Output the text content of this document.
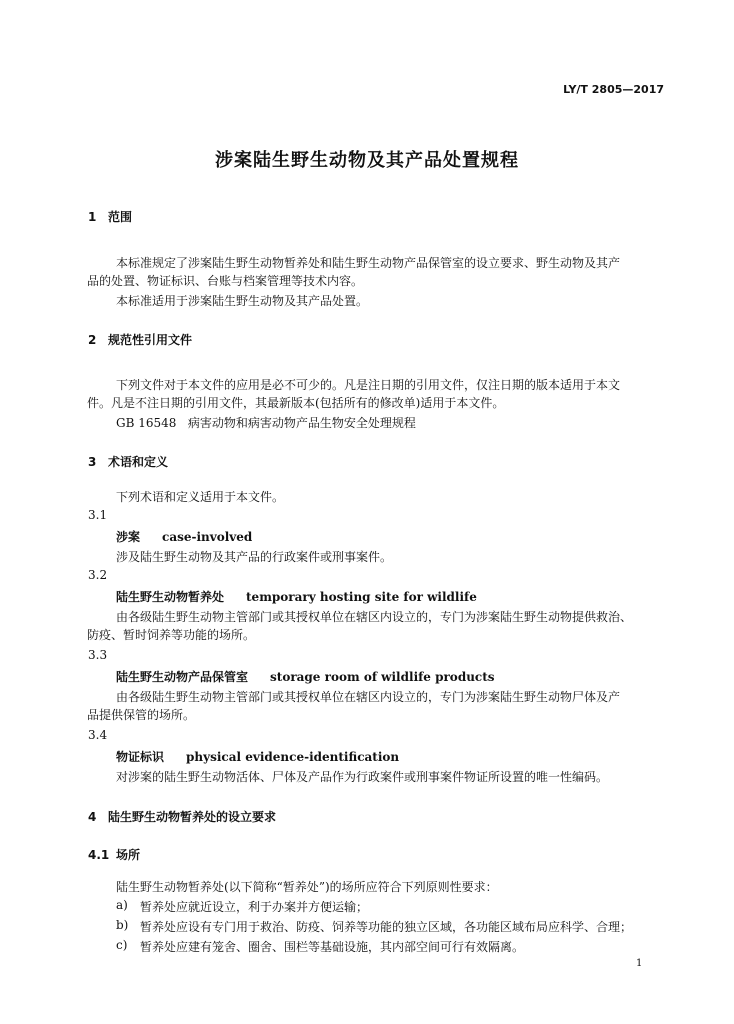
LY/T 2805—2017
涉案陆生野生动物及其产品处置规程
1 范围
本标准规定了涉案陆生野生动物暂养处和陆生野生动物产品保管室的设立要求、野生动物及其产
品的处置、物证标识、台账与档案管理等技术内容。
本标准适用于涉案陆生野生动物及其产品处置。
2 规范性引用文件
下列文件对于本文件的应用是必不可少的。凡是注日期的引用文件，仅注日期的版本适用于本文
件。凡是不注日期的引用文件，其最新版本(包括所有的修改单)适用于本文件。
GB 16548 病害动物和病害动物产品生物安全处理规程
3 术语和定义
下列术语和定义适用于本文件。
3.1
涉案 case-involved
涉及陆生野生动物及其产品的行政案件或刑事案件。
3.2
陆生野生动物暂养处 temporary hosting site for wildlife
由各级陆生野生动物主管部门或其授权单位在辖区内设立的，专门为涉案陆生野生动物提供救治、
防疫、暂时饲养等功能的场所。
3.3
陆生野生动物产品保管室 storage room of wildlife products
由各级陆生野生动物主管部门或其授权单位在辖区内设立的，专门为涉案陆生野生动物尸体及产
品提供保管的场所。
3.4
物证标识 physical evidence-identification
对涉案的陆生野生动物活体、尸体及产品作为行政案件或刑事案件物证所设置的唯一性编码。
4 陆生野生动物暂养处的设立要求
4.1 场所
陆生野生动物暂养处(以下简称“暂养处”)的场所应符合下列原则性要求：
a) 暂养处应就近设立，利于办案并方便运输；
b) 暂养处应设有专门用于救治、防疫、饲养等功能的独立区域，各功能区域布局应科学、合理；
c) 暂养处应建有笼舍、圈舍、围栏等基础设施，其内部空间可行有效隔离。
1
